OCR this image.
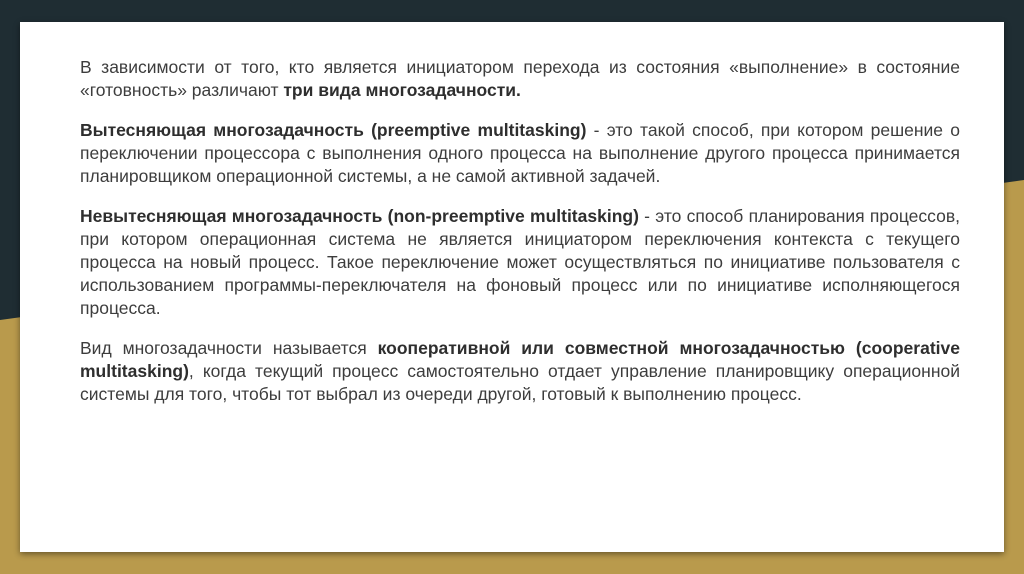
В зависимости от того, кто является инициатором перехода из состояния «выполнение» в состояние «готовность» различают три вида многозадачности.

Вытесняющая многозадачность (preemptive multitasking) - это такой способ, при котором решение о переключении процессора с выполнения одного процесса на выполнение другого процесса принимается планировщиком операционной системы, а не самой активной задачей.

Невытесняющая многозадачность (non-preemptive multitasking) - это способ планирования процессов, при котором операционная система не является инициатором переключения контекста с текущего процесса на новый процесс. Такое переключение может осуществляться по инициативе пользователя с использованием программы-переключателя на фоновый процесс или по инициативе исполняющегося процесса.

Вид многозадачности называется кооперативной или совместной многозадачностью (cooperative multitasking), когда текущий процесс самостоятельно отдает управление планировщику операционной системы для того, чтобы тот выбрал из очереди другой, готовый к выполнению процесс.
